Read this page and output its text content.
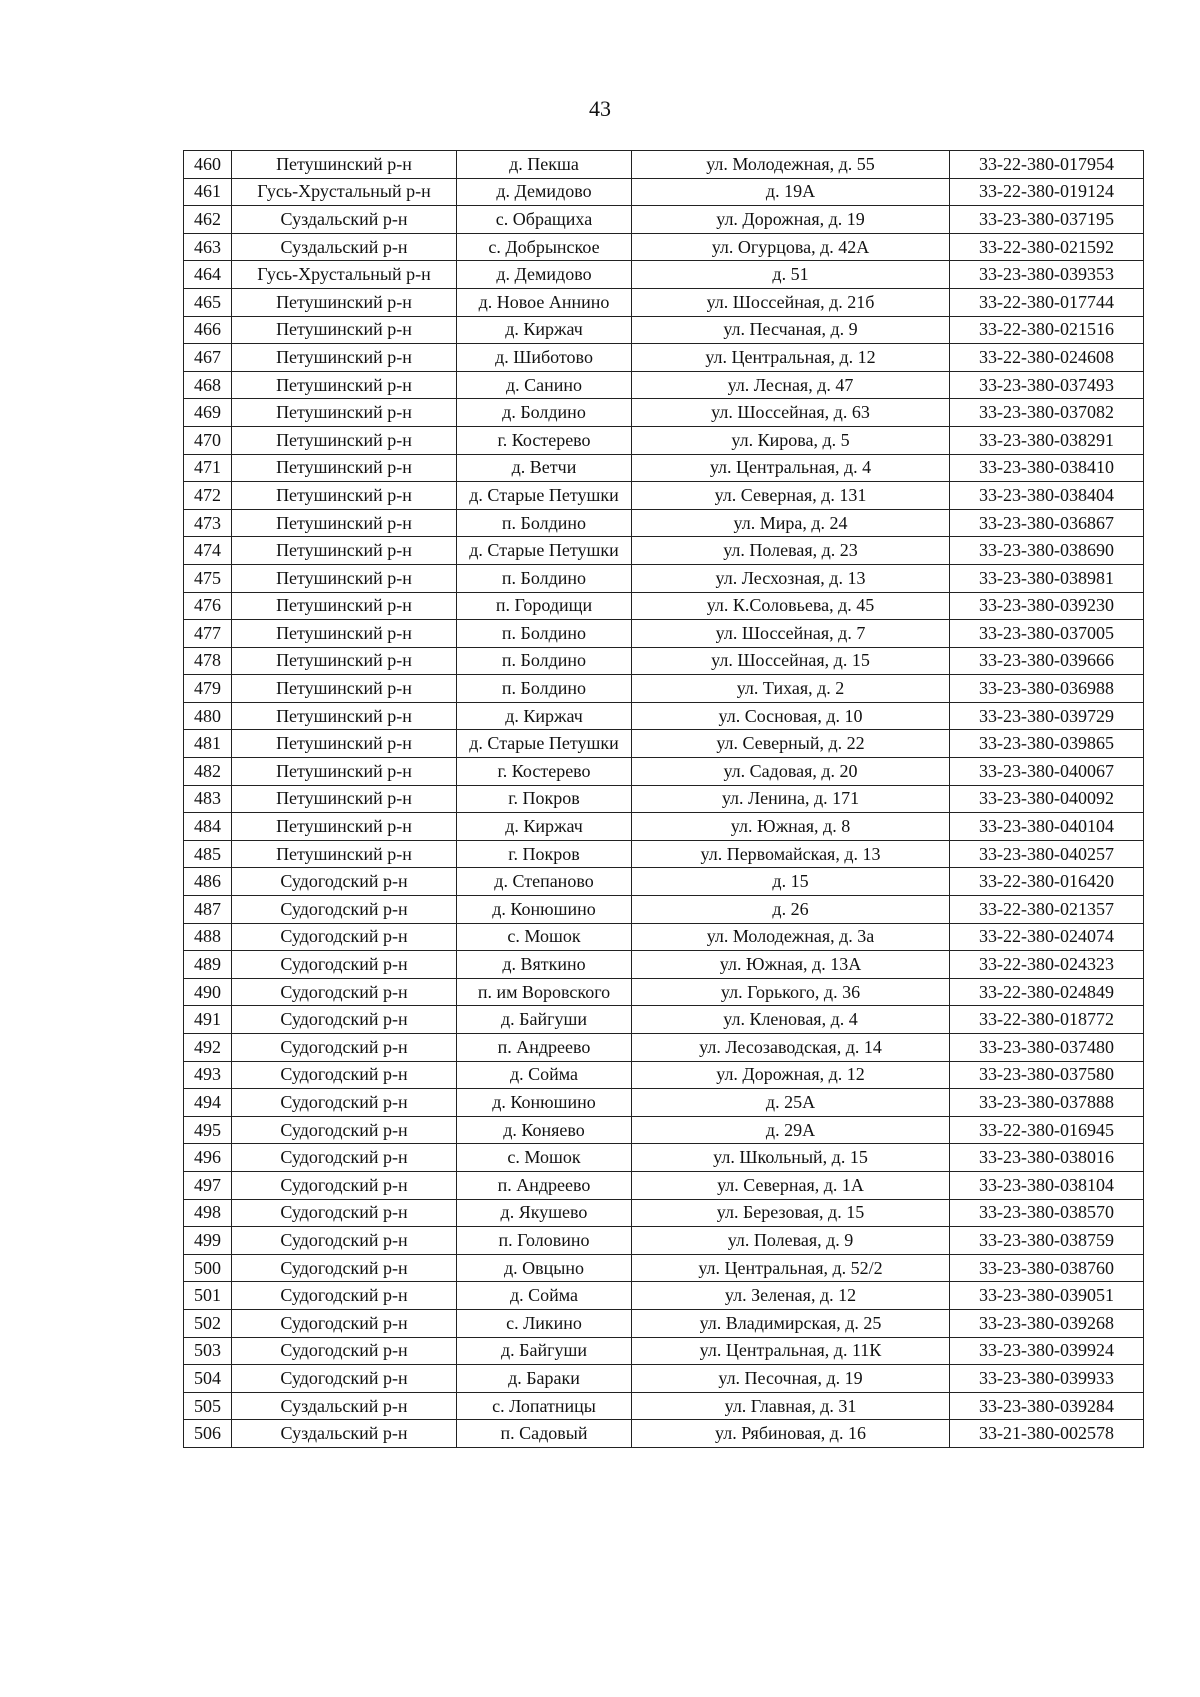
43
460	Петушинский р-н	д. Пекша	ул. Молодежная, д. 55	33-22-380-017954
461	Гусь-Хрустальный р-н	д. Демидово	д. 19А	33-22-380-019124
462	Суздальский р-н	с. Обращиха	ул. Дорожная, д. 19	33-23-380-037195
463	Суздальский р-н	с. Добрынское	ул. Огурцова, д. 42А	33-22-380-021592
464	Гусь-Хрустальный р-н	д. Демидово	д. 51	33-23-380-039353
465	Петушинский р-н	д. Новое Аннино	ул. Шоссейная, д. 21б	33-22-380-017744
466	Петушинский р-н	д. Киржач	ул. Песчаная, д. 9	33-22-380-021516
467	Петушинский р-н	д. Шиботово	ул. Центральная, д. 12	33-22-380-024608
468	Петушинский р-н	д. Санино	ул. Лесная, д. 47	33-23-380-037493
469	Петушинский р-н	д. Болдино	ул. Шоссейная, д. 63	33-23-380-037082
470	Петушинский р-н	г. Костерево	ул. Кирова, д. 5	33-23-380-038291
471	Петушинский р-н	д. Ветчи	ул. Центральная, д. 4	33-23-380-038410
472	Петушинский р-н	д. Старые Петушки	ул. Северная, д. 131	33-23-380-038404
473	Петушинский р-н	п. Болдино	ул. Мира, д. 24	33-23-380-036867
474	Петушинский р-н	д. Старые Петушки	ул. Полевая, д. 23	33-23-380-038690
475	Петушинский р-н	п. Болдино	ул. Лесхозная, д. 13	33-23-380-038981
476	Петушинский р-н	п. Городищи	ул. К.Соловьева, д. 45	33-23-380-039230
477	Петушинский р-н	п. Болдино	ул. Шоссейная, д. 7	33-23-380-037005
478	Петушинский р-н	п. Болдино	ул. Шоссейная, д. 15	33-23-380-039666
479	Петушинский р-н	п. Болдино	ул. Тихая, д. 2	33-23-380-036988
480	Петушинский р-н	д. Киржач	ул. Сосновая, д. 10	33-23-380-039729
481	Петушинский р-н	д. Старые Петушки	ул. Северный, д. 22	33-23-380-039865
482	Петушинский р-н	г. Костерево	ул. Садовая, д. 20	33-23-380-040067
483	Петушинский р-н	г. Покров	ул. Ленина, д. 171	33-23-380-040092
484	Петушинский р-н	д. Киржач	ул. Южная, д. 8	33-23-380-040104
485	Петушинский р-н	г. Покров	ул. Первомайская, д. 13	33-23-380-040257
486	Судогодский р-н	д. Степаново	д. 15	33-22-380-016420
487	Судогодский р-н	д. Конюшино	д. 26	33-22-380-021357
488	Судогодский р-н	с. Мошок	ул. Молодежная, д. 3а	33-22-380-024074
489	Судогодский р-н	д. Вяткино	ул. Южная, д. 13А	33-22-380-024323
490	Судогодский р-н	п. им Воровского	ул. Горького, д. 36	33-22-380-024849
491	Судогодский р-н	д. Байгуши	ул. Кленовая, д. 4	33-22-380-018772
492	Судогодский р-н	п. Андреево	ул. Лесозаводская, д. 14	33-23-380-037480
493	Судогодский р-н	д. Сойма	ул. Дорожная, д. 12	33-23-380-037580
494	Судогодский р-н	д. Конюшино	д. 25А	33-23-380-037888
495	Судогодский р-н	д. Коняево	д. 29А	33-22-380-016945
496	Судогодский р-н	с. Мошок	ул. Школьный, д. 15	33-23-380-038016
497	Судогодский р-н	п. Андреево	ул. Северная, д. 1А	33-23-380-038104
498	Судогодский р-н	д. Якушево	ул. Березовая, д. 15	33-23-380-038570
499	Судогодский р-н	п. Головино	ул. Полевая, д. 9	33-23-380-038759
500	Судогодский р-н	д. Овцыно	ул. Центральная, д. 52/2	33-23-380-038760
501	Судогодский р-н	д. Сойма	ул. Зеленая, д. 12	33-23-380-039051
502	Судогодский р-н	с. Ликино	ул. Владимирская, д. 25	33-23-380-039268
503	Судогодский р-н	д. Байгуши	ул. Центральная, д. 11К	33-23-380-039924
504	Судогодский р-н	д. Бараки	ул. Песочная, д. 19	33-23-380-039933
505	Суздальский р-н	с. Лопатницы	ул. Главная, д. 31	33-23-380-039284
506	Суздальский р-н	п. Садовый	ул. Рябиновая, д. 16	33-21-380-002578
